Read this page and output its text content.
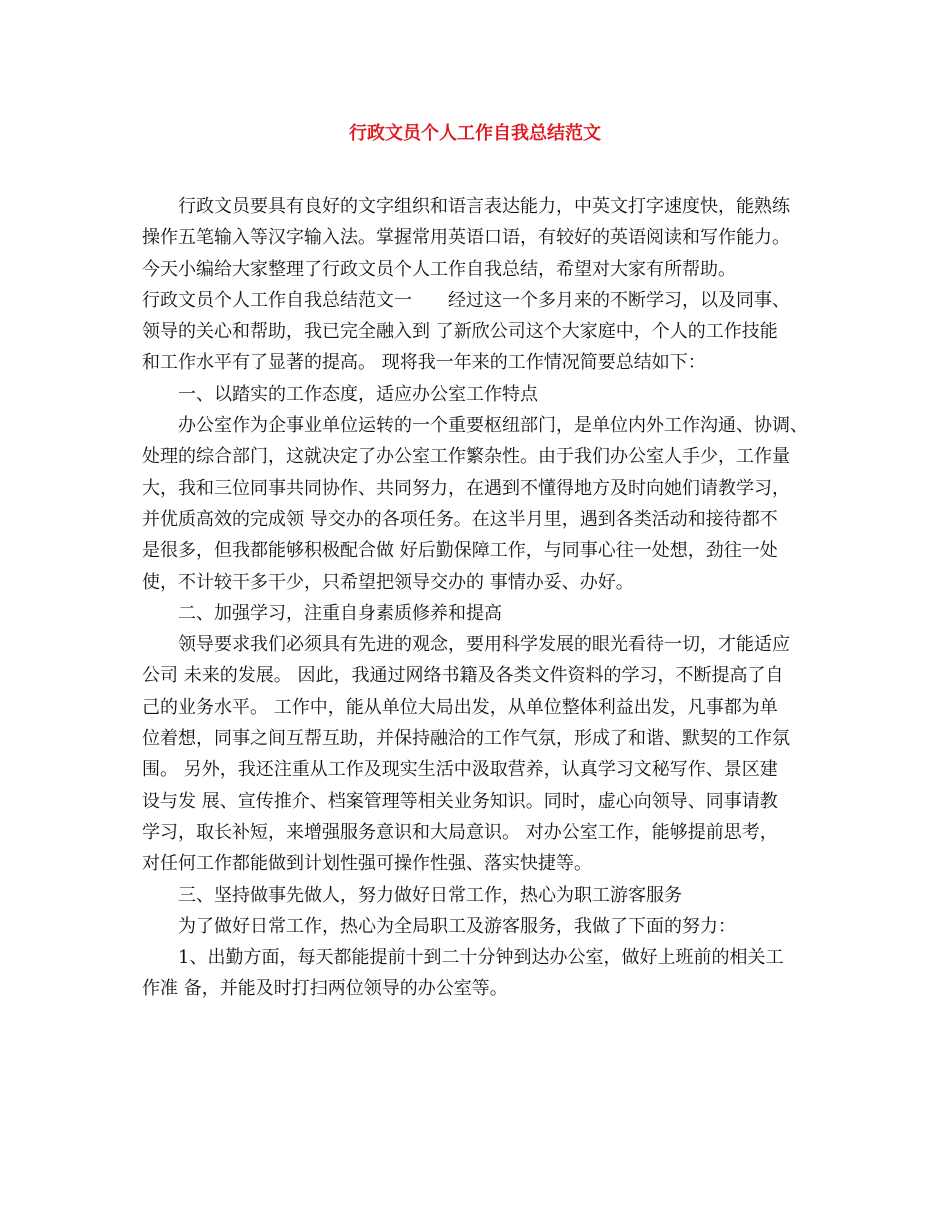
行政文员个人工作自我总结范文
行政文员要具有良好的文字组织和语言表达能力，中英文打字速度快，能熟练
操作五笔输入等汉字输入法。掌握常用英语口语，有较好的英语阅读和写作能力。
今天小编给大家整理了行政文员个人工作自我总结，希望对大家有所帮助。
行政文员个人工作自我总结范文一　　经过这一个多月来的不断学习，以及同事、
领导的关心和帮助，我已完全融入到 了新欣公司这个大家庭中，个人的工作技能
和工作水平有了显著的提高。 现将我一年来的工作情况简要总结如下：
一、以踏实的工作态度，适应办公室工作特点
办公室作为企事业单位运转的一个重要枢纽部门，是单位内外工作沟通、协调、
处理的综合部门，这就决定了办公室工作繁杂性。由于我们办公室人手少，工作量
大，我和三位同事共同协作、共同努力，在遇到不懂得地方及时向她们请教学习，
并优质高效的完成领 导交办的各项任务。在这半月里，遇到各类活动和接待都不
是很多，但我都能够积极配合做 好后勤保障工作，与同事心往一处想，劲往一处
使，不计较干多干少，只希望把领导交办的 事情办妥、办好。
二、加强学习，注重自身素质修养和提高
领导要求我们必须具有先进的观念，要用科学发展的眼光看待一切，才能适应
公司 未来的发展。 因此，我通过网络书籍及各类文件资料的学习，不断提高了自
己的业务水平。 工作中，能从单位大局出发，从单位整体利益出发，凡事都为单
位着想，同事之间互帮互助，并保持融洽的工作气氛，形成了和谐、默契的工作氛
围。 另外，我还注重从工作及现实生活中汲取营养，认真学习文秘写作、景区建
设与发 展、宣传推介、档案管理等相关业务知识。同时，虚心向领导、同事请教
学习，取长补短，来增强服务意识和大局意识。 对办公室工作，能够提前思考，
对任何工作都能做到计划性强可操作性强、落实快捷等。
三、坚持做事先做人，努力做好日常工作，热心为职工游客服务
为了做好日常工作，热心为全局职工及游客服务，我做了下面的努力：
1、出勤方面，每天都能提前十到二十分钟到达办公室，做好上班前的相关工
作准 备，并能及时打扫两位领导的办公室等。
